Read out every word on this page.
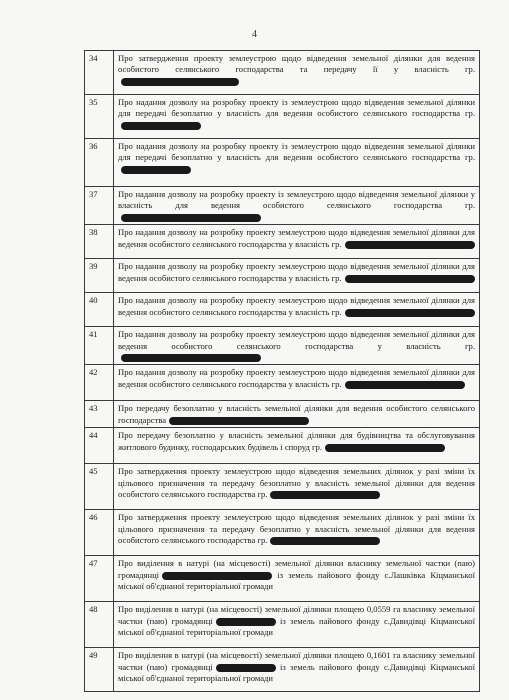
4
34	Про затвердження проекту землеустрою щодо відведення земельної ділянки для ведення особистого селянського господарства та передачу її у власність гр.
35	Про надання дозволу на розробку проекту із землеустрою щодо відведення земельної ділянки для передачі безоплатно у власність для ведення особистого селянського господарства гр.
36	Про надання дозволу на розробку проекту із землеустрою щодо відведення земельної ділянки для передачі безоплатно у власність для ведення особистого селянського господарства гр.
37	Про надання дозволу на розробку проекту із землеустрою щодо відведення земельної ділянки у власність для ведення особистого селянського господарства гр.
38	Про надання дозволу на розробку проекту землеустрою щодо відведення земельної ділянки для ведення особистого селянського господарства у власність гр.
39	Про надання дозволу на розробку проекту землеустрою щодо відведення земельної ділянки для ведення особистого селянського господарства у власність гр.
40	Про надання дозволу на розробку проекту землеустрою щодо відведення земельної ділянки для ведення особистого селянського господарства у власність гр.
41	Про надання дозволу на розробку проекту землеустрою щодо відведення земельної ділянки для ведення особистого селянського господарства у власність гр.
42	Про надання дозволу на розробку проекту землеустрою щодо відведення земельної ділянки для ведення особистого селянського господарства у власність гр.
43	Про передачу безоплатно у власність земельної ділянки для ведення особистого селянського господарства
44	Про передачу безоплатно у власність земельної ділянки для будівництва та обслуговування житлового будинку, господарських будівель і споруд гр.
45	Про затвердження проекту землеустрою щодо відведення земельних ділянок у разі зміни їх цільового призначення та передачу безоплатно у власність земельної ділянки для ведення особистого селянського господарства гр.
46	Про затвердження проекту землеустрою щодо відведення земельних ділянок у разі зміни їх цільового призначення та передачу безоплатно у власність земельної ділянки для ведення особистого селянського господарства гр.
47	Про виділення в натурі (на місцевості) земельної ділянки власнику земельної частки (паю) громадянці із земель пайового фонду с.Лашківка Кіцманської міської об'єднаної територіальної громади
48	Про виділення в натурі (на місцевості) земельної ділянки площею 0,0559 га власнику земельної частки (паю) громадянці із земель пайового фонду с.Давидівці Кіцманської міської об'єднаної територіальної громади
49	Про виділення в натурі (на місцевості) земельної ділянки площею 0,1601 га власнику земельної частки (паю) громадянці із земель пайового фонду с.Давидівці Кіцманської міської об'єднаної територіальної громади
